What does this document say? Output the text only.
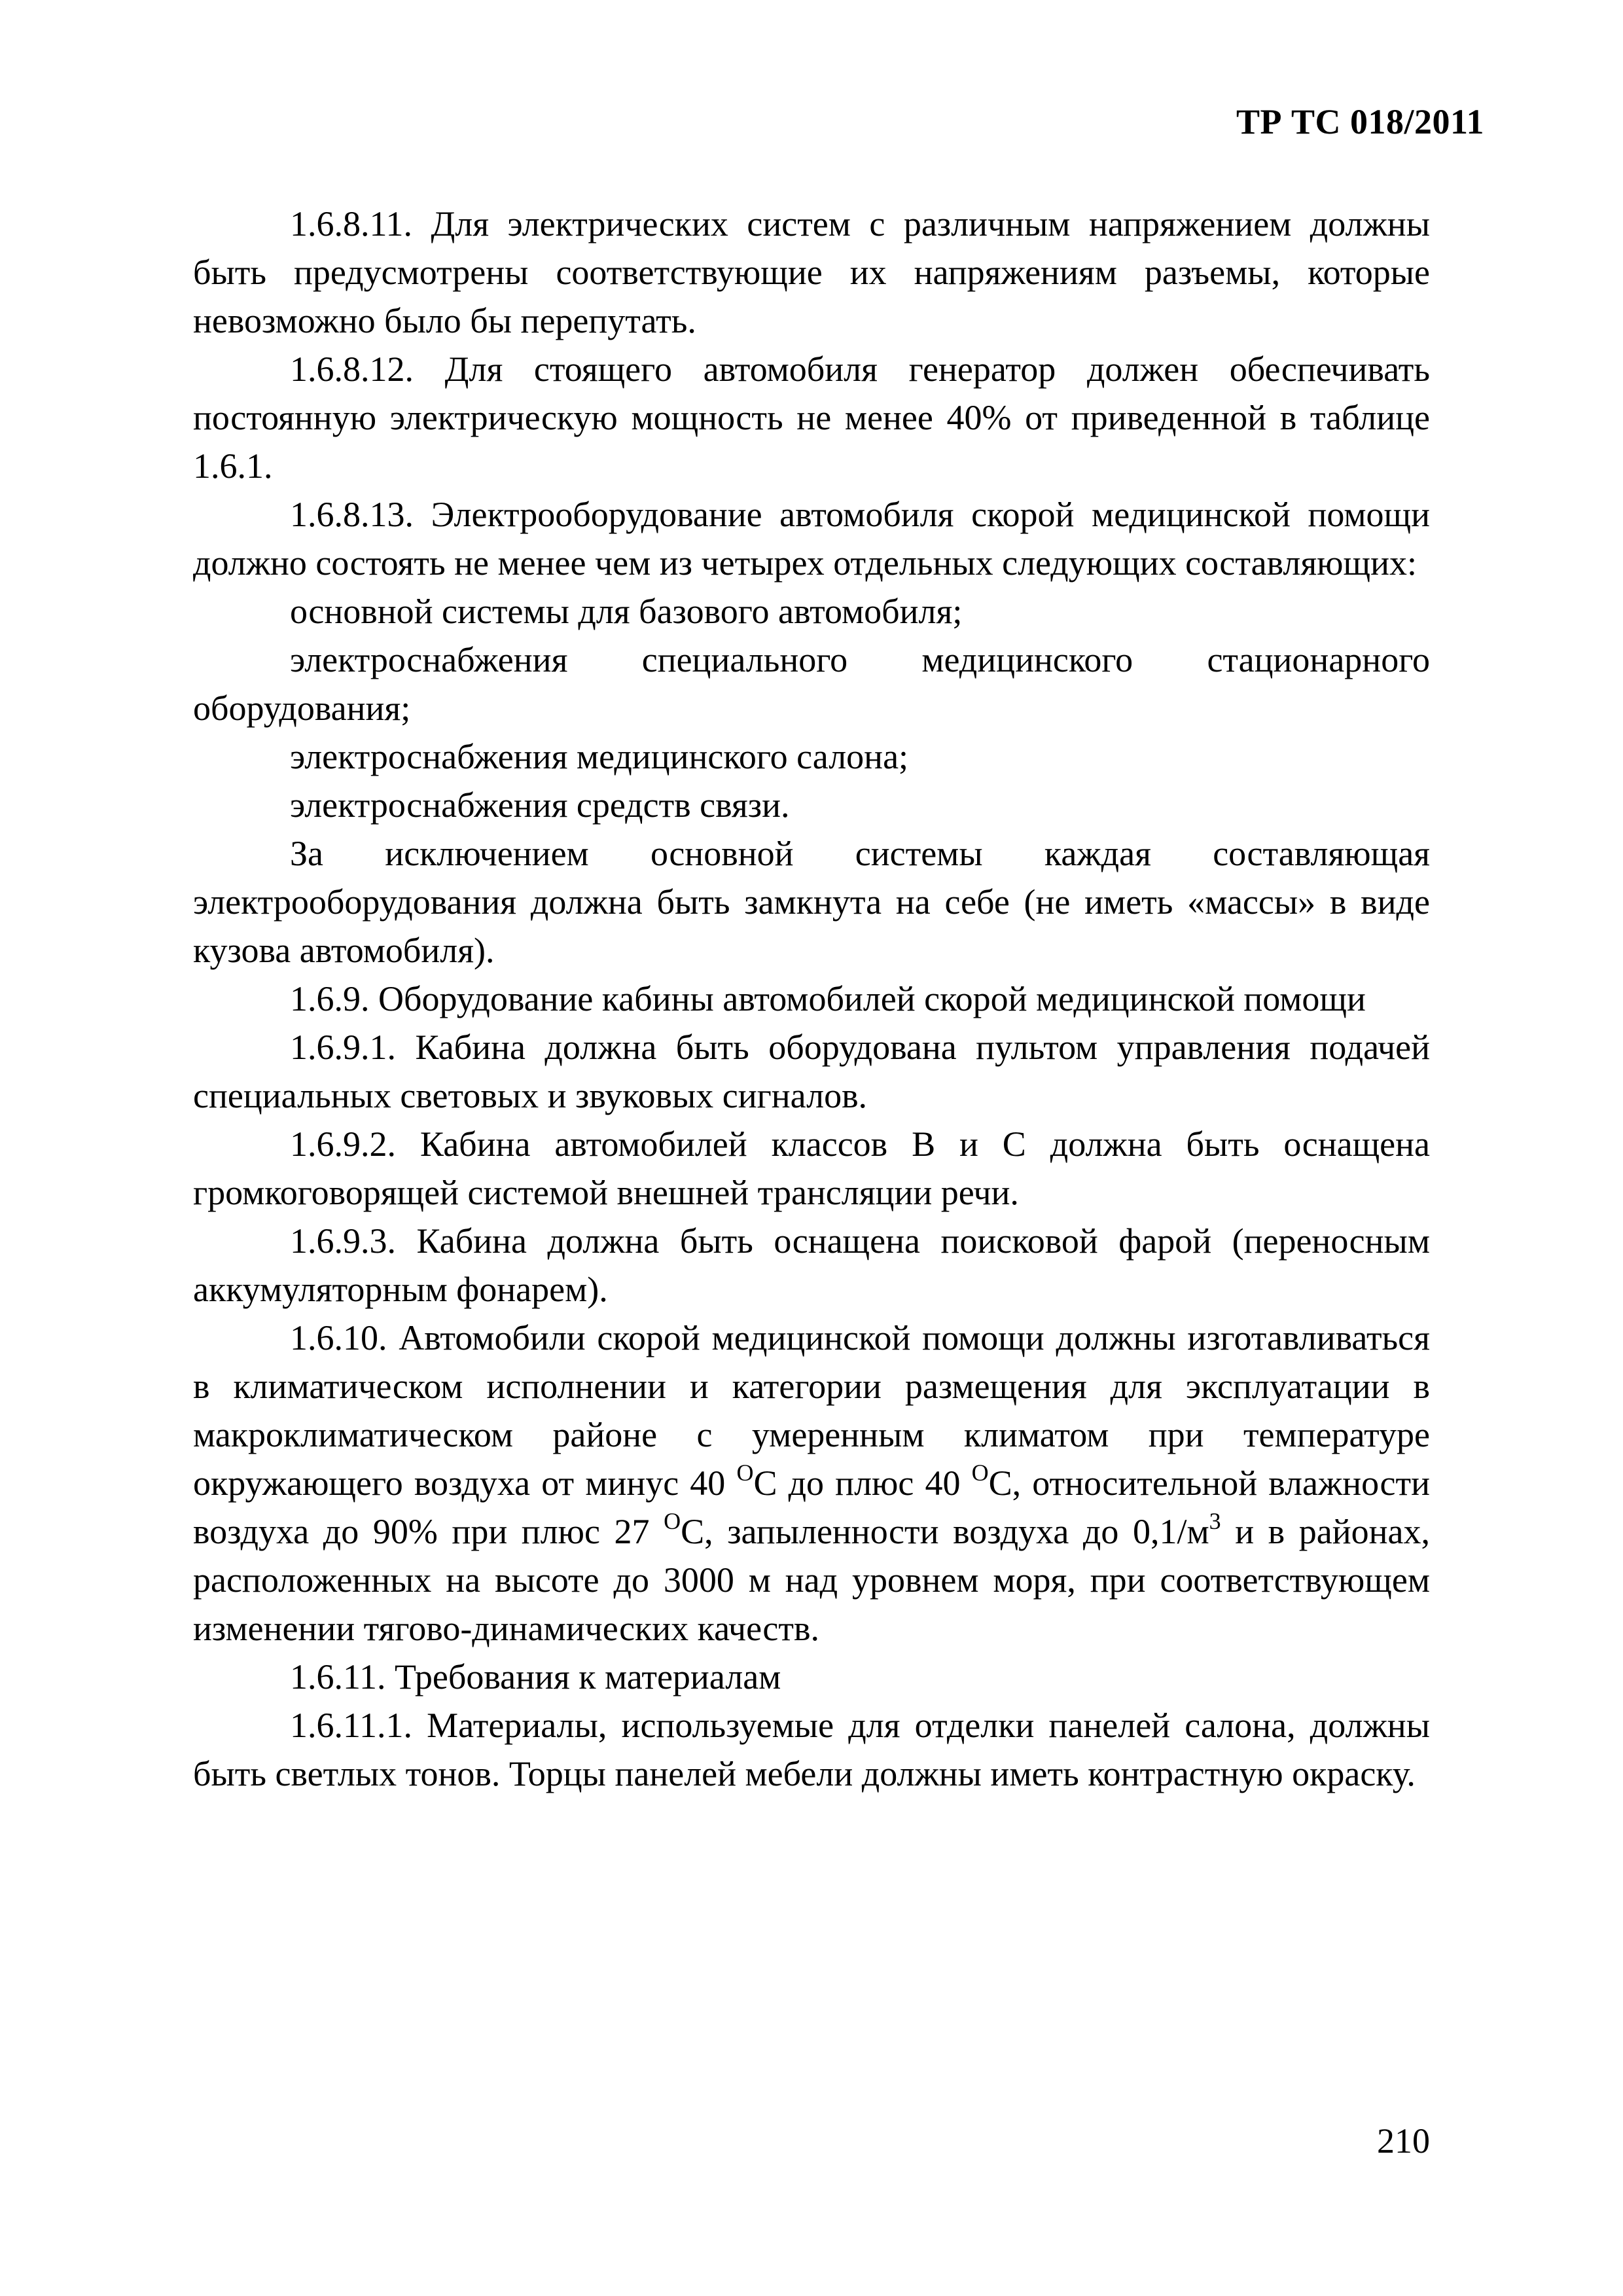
ТР ТС 018/2011

1.6.8.11. Для электрических систем с различным напряжением должны быть предусмотрены соответствующие их напряжениям разъемы, которые невозможно было бы перепутать.

1.6.8.12. Для стоящего автомобиля генератор должен обеспечивать постоянную электрическую мощность не менее 40% от приведенной в таблице 1.6.1.

1.6.8.13. Электрооборудование автомобиля скорой медицинской помощи должно состоять не менее чем из четырех отдельных следующих составляющих:

основной системы для базового автомобиля;

электроснабжения специального медицинского стационарного оборудования;

электроснабжения медицинского салона;

электроснабжения средств связи.

За исключением основной системы каждая составляющая электрооборудования должна быть замкнута на себе (не иметь «массы» в виде кузова автомобиля).

1.6.9. Оборудование кабины автомобилей скорой медицинской помощи

1.6.9.1. Кабина должна быть оборудована пультом управления подачей специальных световых и звуковых сигналов.

1.6.9.2. Кабина автомобилей классов В и С должна быть оснащена громкоговорящей системой внешней трансляции речи.

1.6.9.3. Кабина должна быть оснащена поисковой фарой (переносным аккумуляторным фонарем).

1.6.10. Автомобили скорой медицинской помощи должны изготавливаться в климатическом исполнении и категории размещения для эксплуатации в макроклиматическом районе с умеренным климатом при температуре окружающего воздуха от минус 40 $^О$С до плюс 40 $^О$С, относительной влажности воздуха до 90% при плюс 27 $^О$С, запыленности воздуха до $0,1/м^3$ и в районах, расположенных на высоте до 3000 м над уровнем моря, при соответствующем изменении тягово-динамических качеств.

1.6.11. Требования к материалам

1.6.11.1. Материалы, используемые для отделки панелей салона, должны быть светлых тонов. Торцы панелей мебели должны иметь контрастную окраску.

210
